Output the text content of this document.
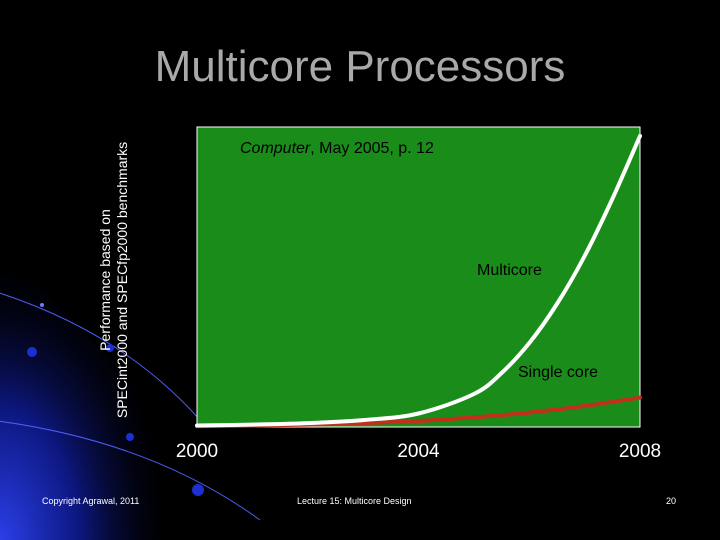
Multicore Processors
Performance based on SPECint2000 and SPECfp2000 benchmarks	Computer, May 2005, p. 12
Multicore
Single core
2000	2004	2008
Copyright Agrawal, 2011	Lecture 15: Multicore Design	20
